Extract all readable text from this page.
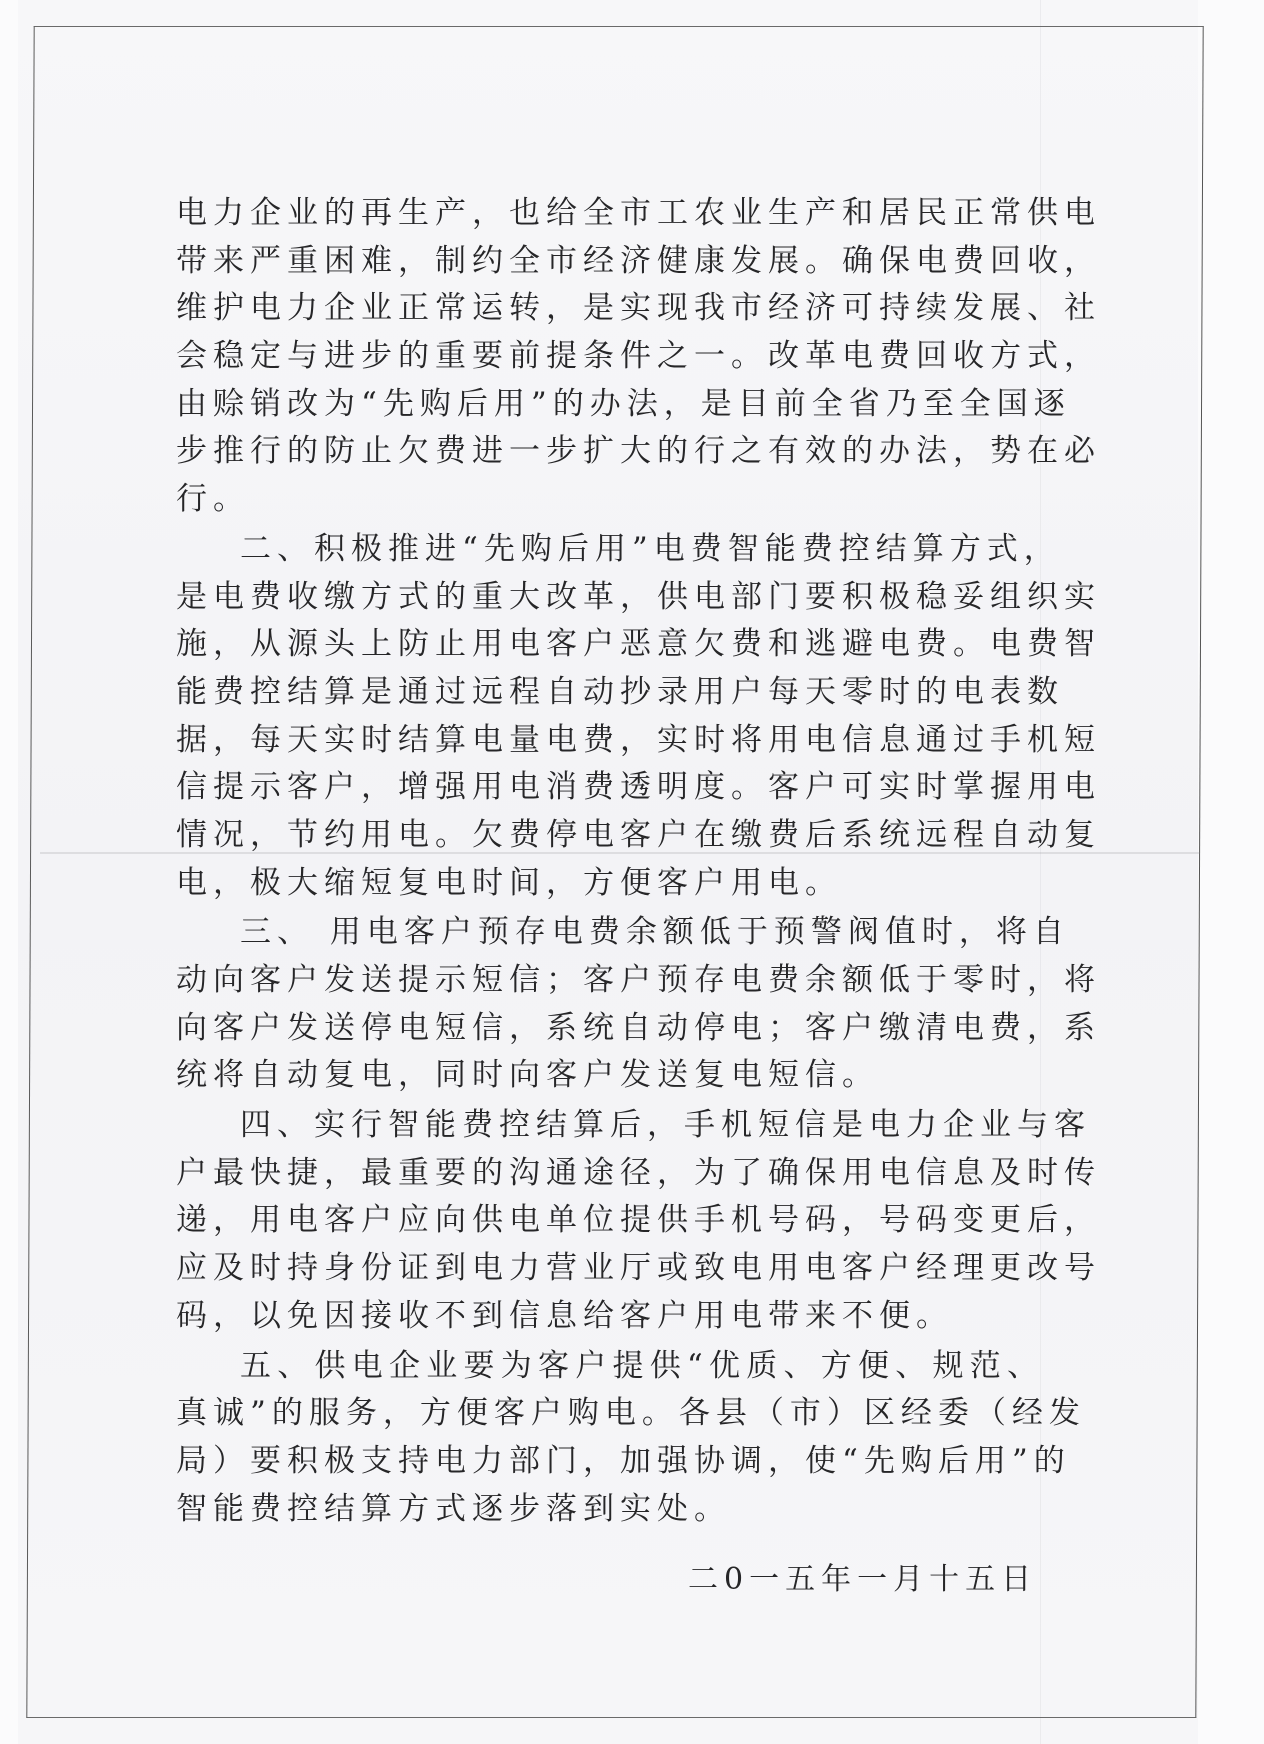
电力企业的再生产，也给全市工农业生产和居民正常供电
带来严重困难，制约全市经济健康发展。确保电费回收，
维护电力企业正常运转，是实现我市经济可持续发展、社
会稳定与进步的重要前提条件之一。改革电费回收方式，
由赊销改为“先购后用”的办法，是目前全省乃至全国逐
步推行的防止欠费进一步扩大的行之有效的办法，势在必
行。
二、积极推进“先购后用”电费智能费控结算方式，
是电费收缴方式的重大改革，供电部门要积极稳妥组织实
施，从源头上防止用电客户恶意欠费和逃避电费。电费智
能费控结算是通过远程自动抄录用户每天零时的电表数
据，每天实时结算电量电费，实时将用电信息通过手机短
信提示客户，增强用电消费透明度。客户可实时掌握用电
情况，节约用电。欠费停电客户在缴费后系统远程自动复
电，极大缩短复电时间，方便客户用电。
三、 用电客户预存电费余额低于预警阀值时，将自
动向客户发送提示短信；客户预存电费余额低于零时，将
向客户发送停电短信，系统自动停电；客户缴清电费，系
统将自动复电，同时向客户发送复电短信。
四、实行智能费控结算后，手机短信是电力企业与客
户最快捷，最重要的沟通途径，为了确保用电信息及时传
递，用电客户应向供电单位提供手机号码，号码变更后，
应及时持身份证到电力营业厅或致电用电客户经理更改号
码，以免因接收不到信息给客户用电带来不便。
五、供电企业要为客户提供“优质、方便、规范、
真诚”的服务，方便客户购电。各县（市）区经委（经发
局）要积极支持电力部门，加强协调，使“先购后用”的
智能费控结算方式逐步落到实处。
二0一五年一月十五日
